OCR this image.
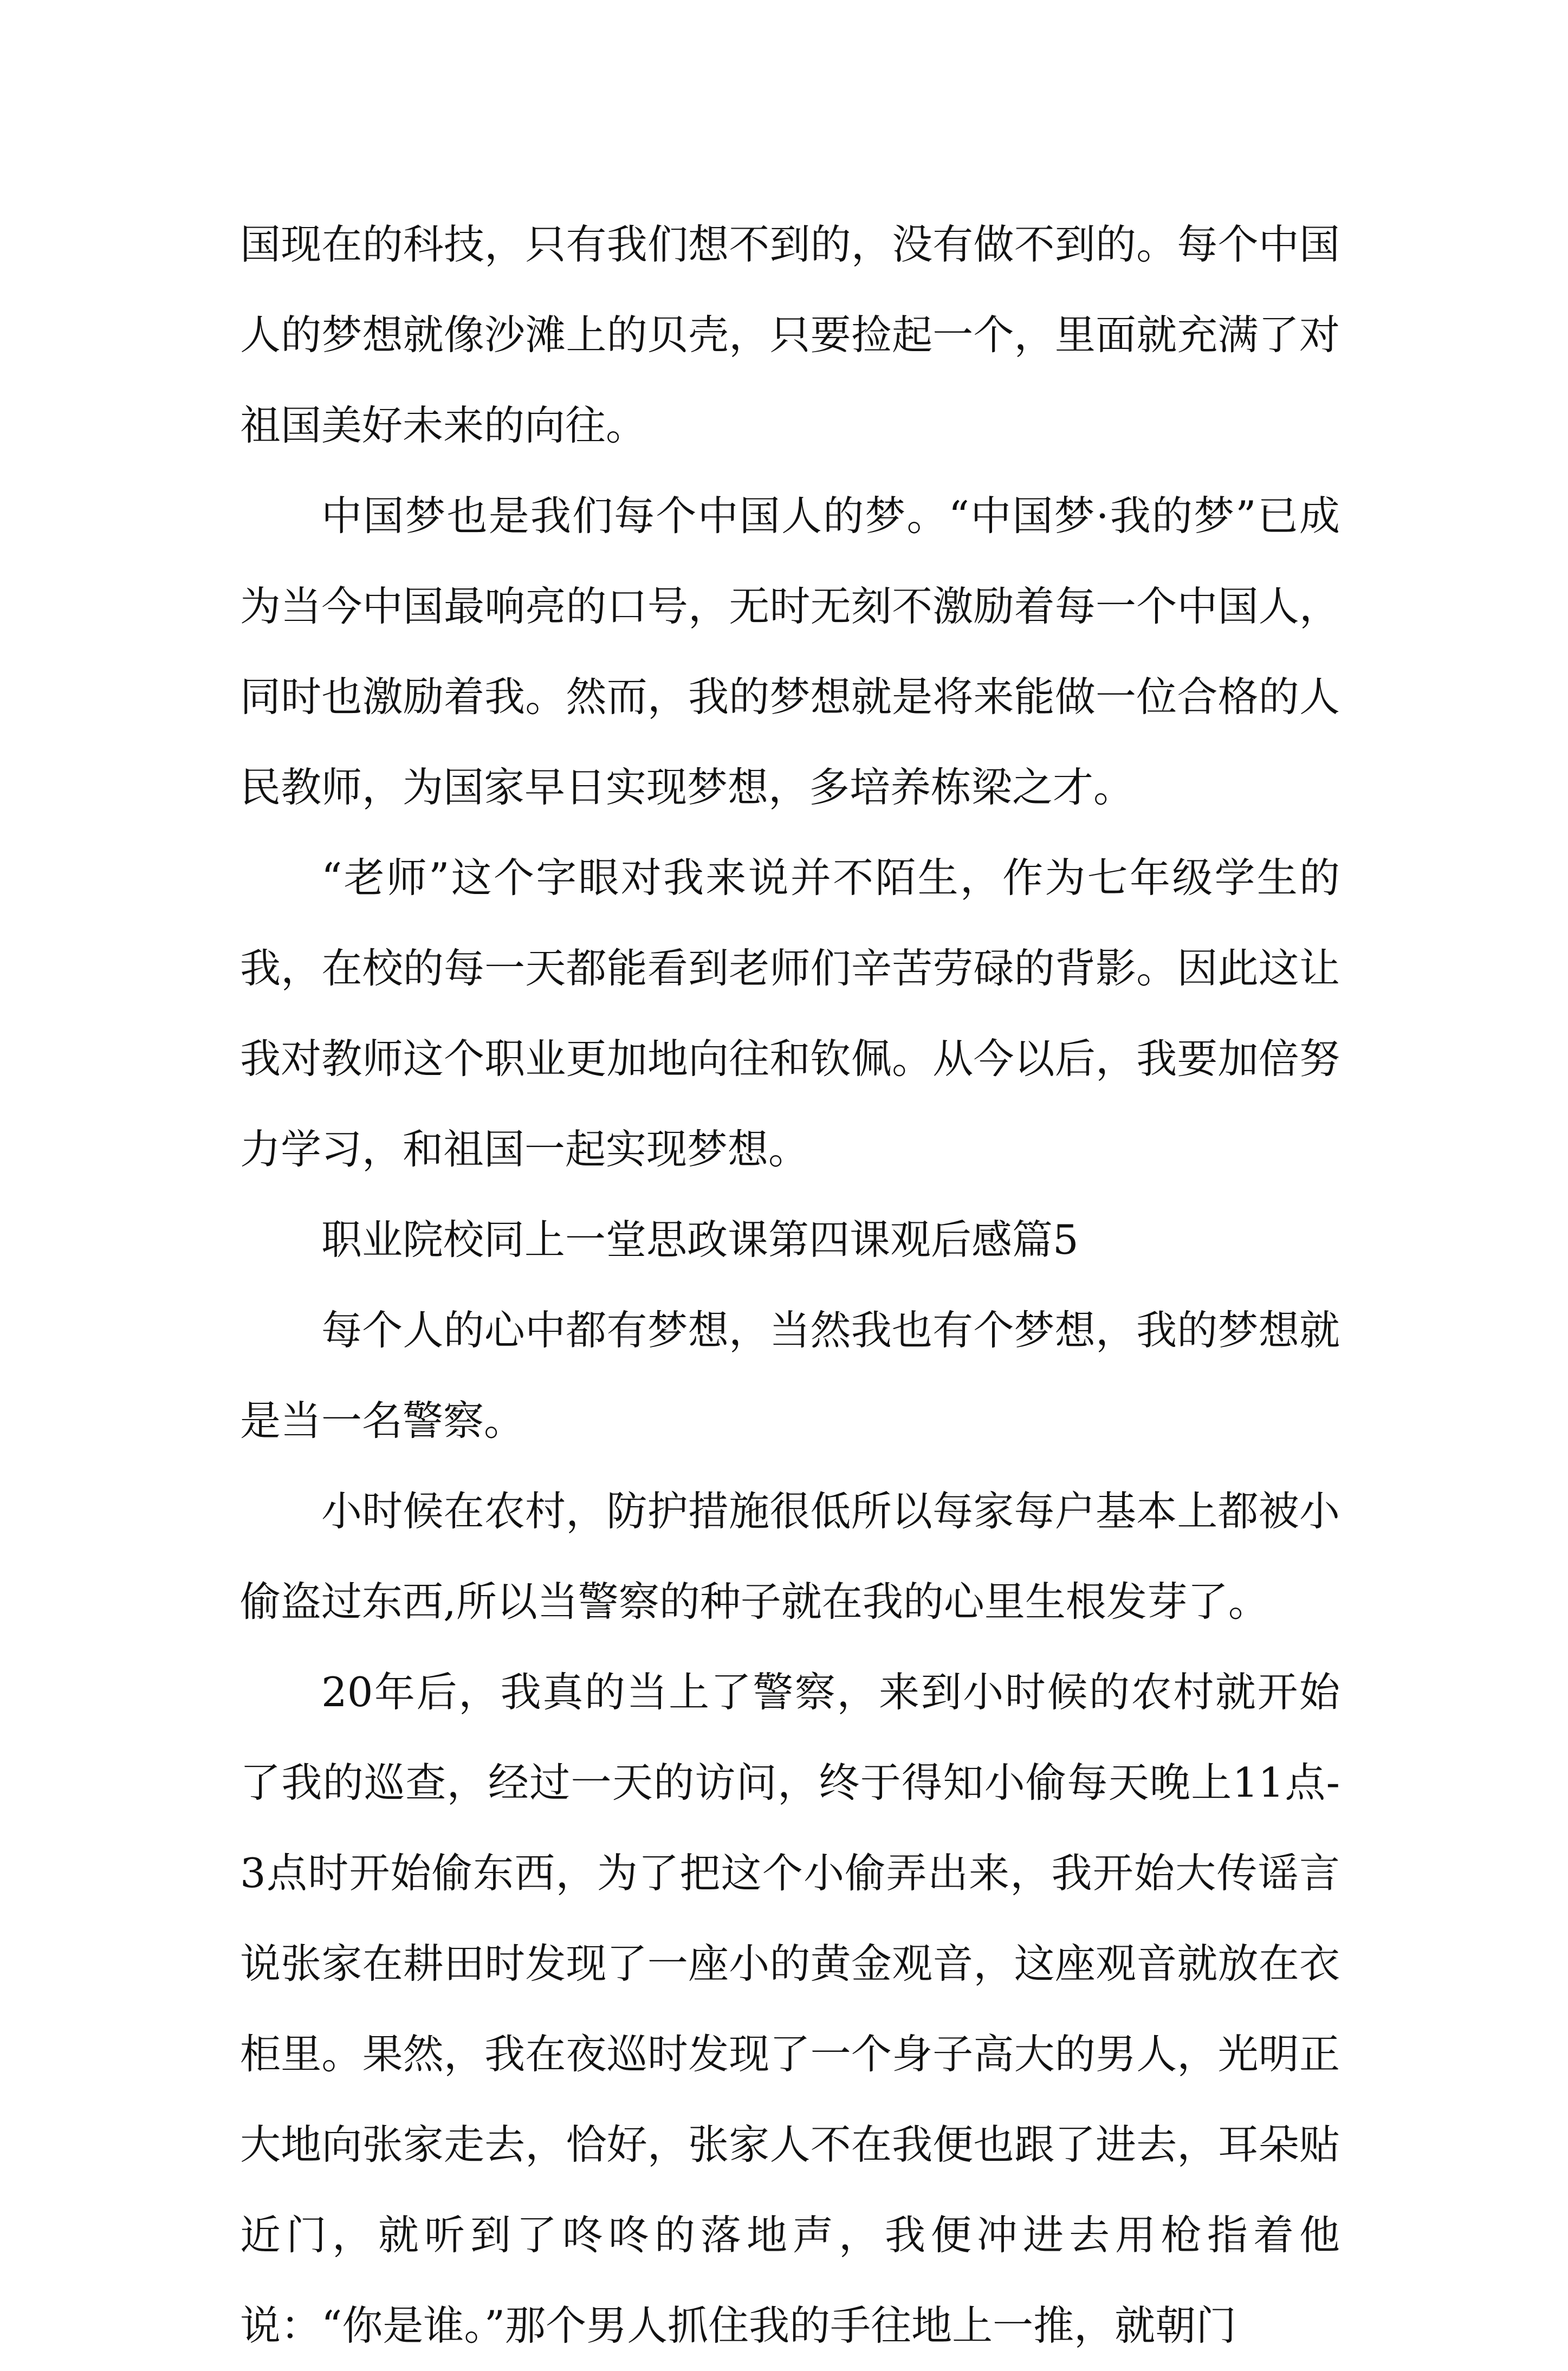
国现在的科技，只有我们想不到的，没有做不到的。每个中国人的梦想就像沙滩上的贝壳，只要捡起一个，里面就充满了对祖国美好未来的向往。

中国梦也是我们每个中国人的梦。“中国梦·我的梦”已成为当今中国最响亮的口号，无时无刻不激励着每一个中国人，同时也激励着我。然而，我的梦想就是将来能做一位合格的人民教师，为国家早日实现梦想，多培养栋梁之才。

“老师”这个字眼对我来说并不陌生，作为七年级学生的我，在校的每一天都能看到老师们辛苦劳碌的背影。因此这让我对教师这个职业更加地向往和钦佩。从今以后，我要加倍努力学习，和祖国一起实现梦想。

职业院校同上一堂思政课第四课观后感篇5

每个人的心中都有梦想，当然我也有个梦想，我的梦想就是当一名警察。

小时候在农村，防护措施很低所以每家每户基本上都被小偷盗过东西,所以当警察的种子就在我的心里生根发芽了。

20年后，我真的当上了警察，来到小时候的农村就开始了我的巡查，经过一天的访问，终于得知小偷每天晚上11点-3点时开始偷东西，为了把这个小偷弄出来，我开始大传谣言说张家在耕田时发现了一座小的黄金观音，这座观音就放在衣柜里。果然，我在夜巡时发现了一个身子高大的男人，光明正大地向张家走去，恰好，张家人不在我便也跟了进去，耳朵贴近门，就听到了咚咚的落地声，我便冲进去用枪指着他说：“你是谁。”那个男人抓住我的手往地上一推，就朝门
